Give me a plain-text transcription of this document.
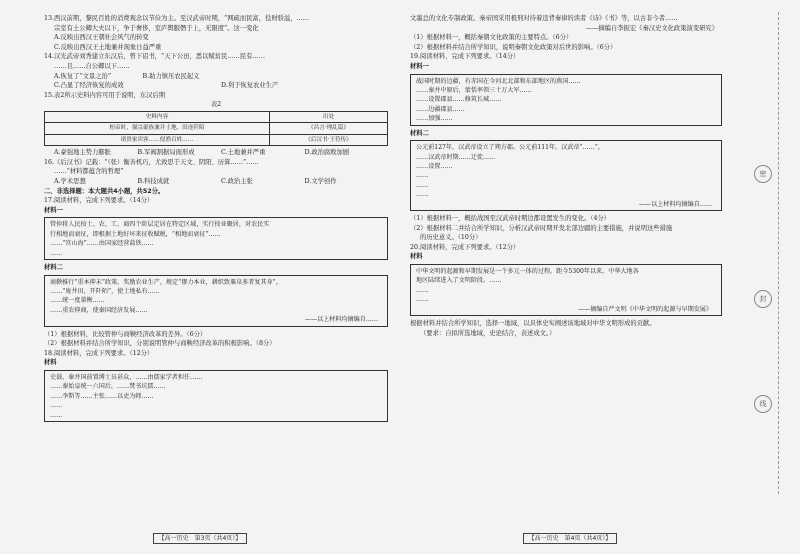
13.西汉前期，黎民百姓的消费观念以节俭为主。至汉武帝时期，“网疏而民富，役财骄溢，……
宗室有土公卿大夫以下，争于奢侈，室庐舆服僭于上，无限度”。这一变化
A.反映出西汉王朝社会风气的转变
C.反映出西汉王土地兼并现象日益严重
14.汉光武帝刘秀建立东汉后，曾下诏书，“天下公田，悉以赋贫民……民有……
……且……自公卿以下……
A.恢复了“文景之治”　　　　　B.助力镇压农民起义
C.凸显了经济恢复的成效	D.利于恢复农业生产
15.表2所示史料内容可用于说明，东汉后期
表2
史料内容	出处
桓帝时，强宗豪族兼并土地，田连阡陌	《昌言·理乱篇》
诸贵家宾客……侵渔百姓……	《后汉书·王符传》
A.豪强地主势力膨胀	B.军阀割据局面形成	C.土地兼并严重	D.政治腐败加剧
16.《后汉书》记载：“（张）衡善机巧，尤致思于天文、阴阳、历算……”……
……“材料都蕴含的哲理”
A.学术思想	B.科技成就	C.政治主张	D.文学创作
二、非选择题：本大题共4小题，共52分。
17.阅读材料，完成下列要求。（14分）
材料一
管仲将人民按士、农、工、商四个阶层定居在特定区域，实行按业聚居，对农民实
行相地而衰征，即根据土地好坏来征收赋税，“相地而衰征”……
……“官山海”……由国家经营盐铁……
……
材料二
商鞅推行“重本抑末”政策，奖励农业生产，规定“僇力本业，耕织致粟帛多者复其身”。
……“废井田，开阡陌”，使土地私有……
……统一度量衡……
……重农抑商，使秦国经济发展……
——以上材料均摘编自……
（1）根据材料，比较管仲与商鞅经济改革的差异。（6分）
（2）根据材料并结合所学知识，分别说明管仲与商鞅经济改革的积极影响。（8分）
18.阅读材料，完成下列要求。（12分）
材料
史载，秦并国前置博士员甚众，……由儒家学者担任……
……秦始皇统一六国后，……焚书坑儒……
……李斯等……主张……以吏为师……
……
……
【高一历史　第3页（共4页）】
文墨总的文化专制政策。秦帝国采用极刑对待着违背秦律的读者《诗》《书》等，以古非今者……
——摘编自李振宏《秦汉史文化政策演变研究》
（1）根据材料一，概括秦朝文化政策的主要特点。（6分）
（2）根据材料并结合所学知识，说明秦朝文化政策对后世的影响。（6分）
19.阅读材料，完成下列要求。（14分）
材料一
战国时期的边疆，有赤国在今河北北部和东部地区的燕国……
……秦并中原后，蒙恬率领三十万大军……
……设置郡县……修筑长城……
……边疆郡县……
……加强……
材料二
公元前127年，汉武帝设立了朔方郡。公元前111年，汉武帝“……”，
……汉武帝时期……迁徙……
……设置……
……
……
……
——以上材料均摘编自……
（1）根据材料一，概括战国至汉武帝时期边郡设置发生的变化。（4分）
（2）根据材料二并结合所学知识，分析汉武帝时期开发北部边疆的主要措施，并说明这些措施
的历史意义。（10分）
20.阅读材料，完成下列要求。（12分）
材料
中华文明的起源和早期发展是一个多元一体的过程。距今5300年以来，中华大地各
地区陆续进入了文明阶段。……
……
……
——摘编自严文明《中华文明的起源与早期发展》
根据材料并结合所学知识，选择一地域，以具体史实阐述该地域对中华文明形成的贡献。
（要求：自拟所选地域，史论结合，表述成文。）
【高一历史　第4页（共4页）】
密
封
线
